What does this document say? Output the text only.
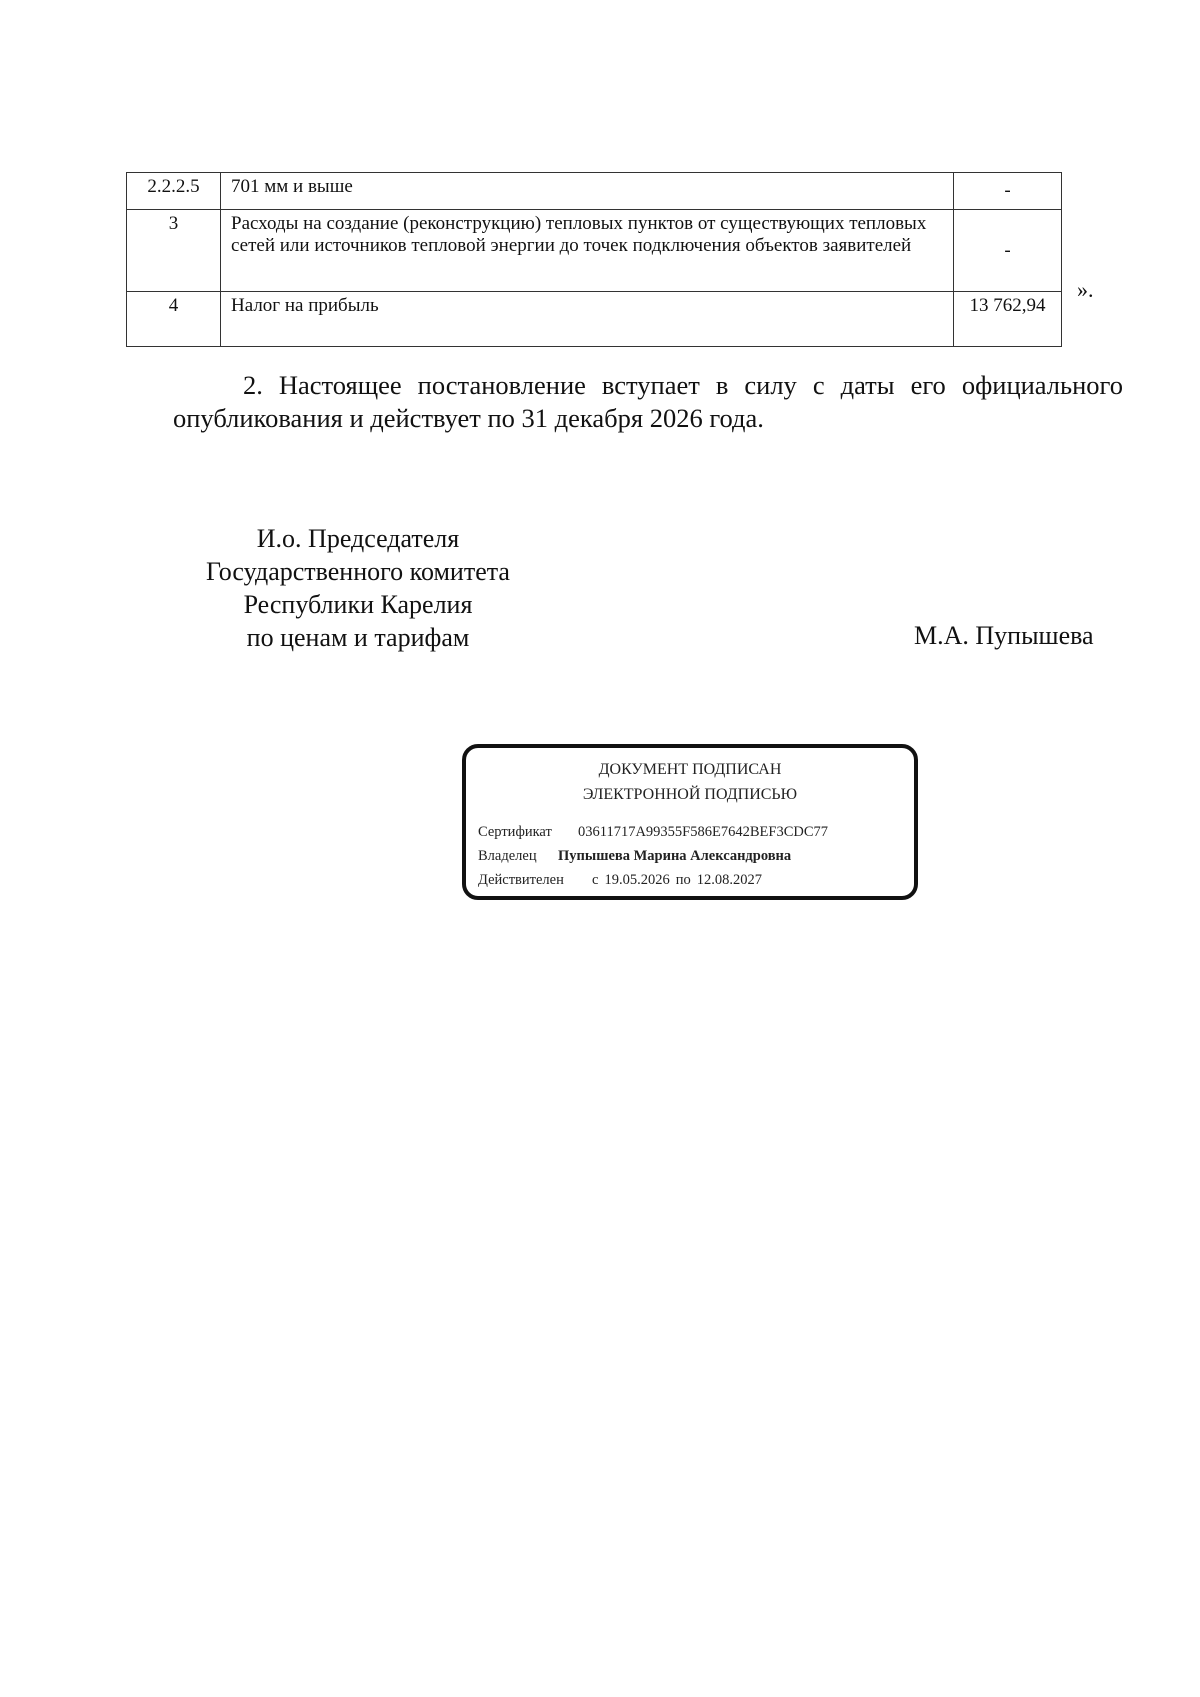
2.2.2.5	701 мм и выше	-
3	Расходы на создание (реконструкцию) тепловых пунктов от существующих тепловых сетей или источников тепловой энергии до точек подключения объектов заявителей	-
4	Налог на прибыль	13 762,94
».
2. Настоящее постановление вступает в силу с даты его официального
опубликования и действует по 31 декабря 2026 года.
И.о. Председателя
Государственного комитета
Республики Карелия
по ценам и тарифам	М.А. Пупышева
ДОКУМЕНТ ПОДПИСАН
ЭЛЕКТРОННОЙ ПОДПИСЬЮ
Сертификат 03611717A99355F586E7642BEF3CDC77
Владелец Пупышева Марина Александровна
Действителен с 19.05.2026 по 12.08.2027
